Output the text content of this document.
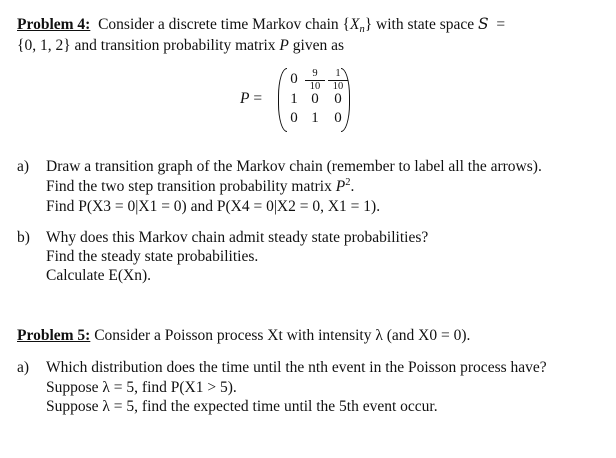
Problem 4: Consider a discrete time Markov chain $\{X_n\}$ with state space S =
{0, 1, 2} and transition probability matrix P given as
P =
$0 \frac{9}{10} \frac{1}{10}$
1 0	0
0 1	0
a) Draw a transition graph of the Markov chain (remember to label all the arrows).
Find the two step transition probability matrix $P^2$.
Find P(X3 = 0|X1 = 0) and P(X4 = 0|X2 = 0, X1 = 1).
b) Why does this Markov chain admit steady state probabilities?
Find the steady state probabilities.
Calculate E(Xn).
Problem 5: Consider a Poisson process Xt with intensity λ (and X0 = 0).
a) Which distribution does the time until the nth event in the Poisson process have?
Suppose λ = 5, find P(X1 > 5).
Suppose λ = 5, find the expected time until the 5th event occur.
